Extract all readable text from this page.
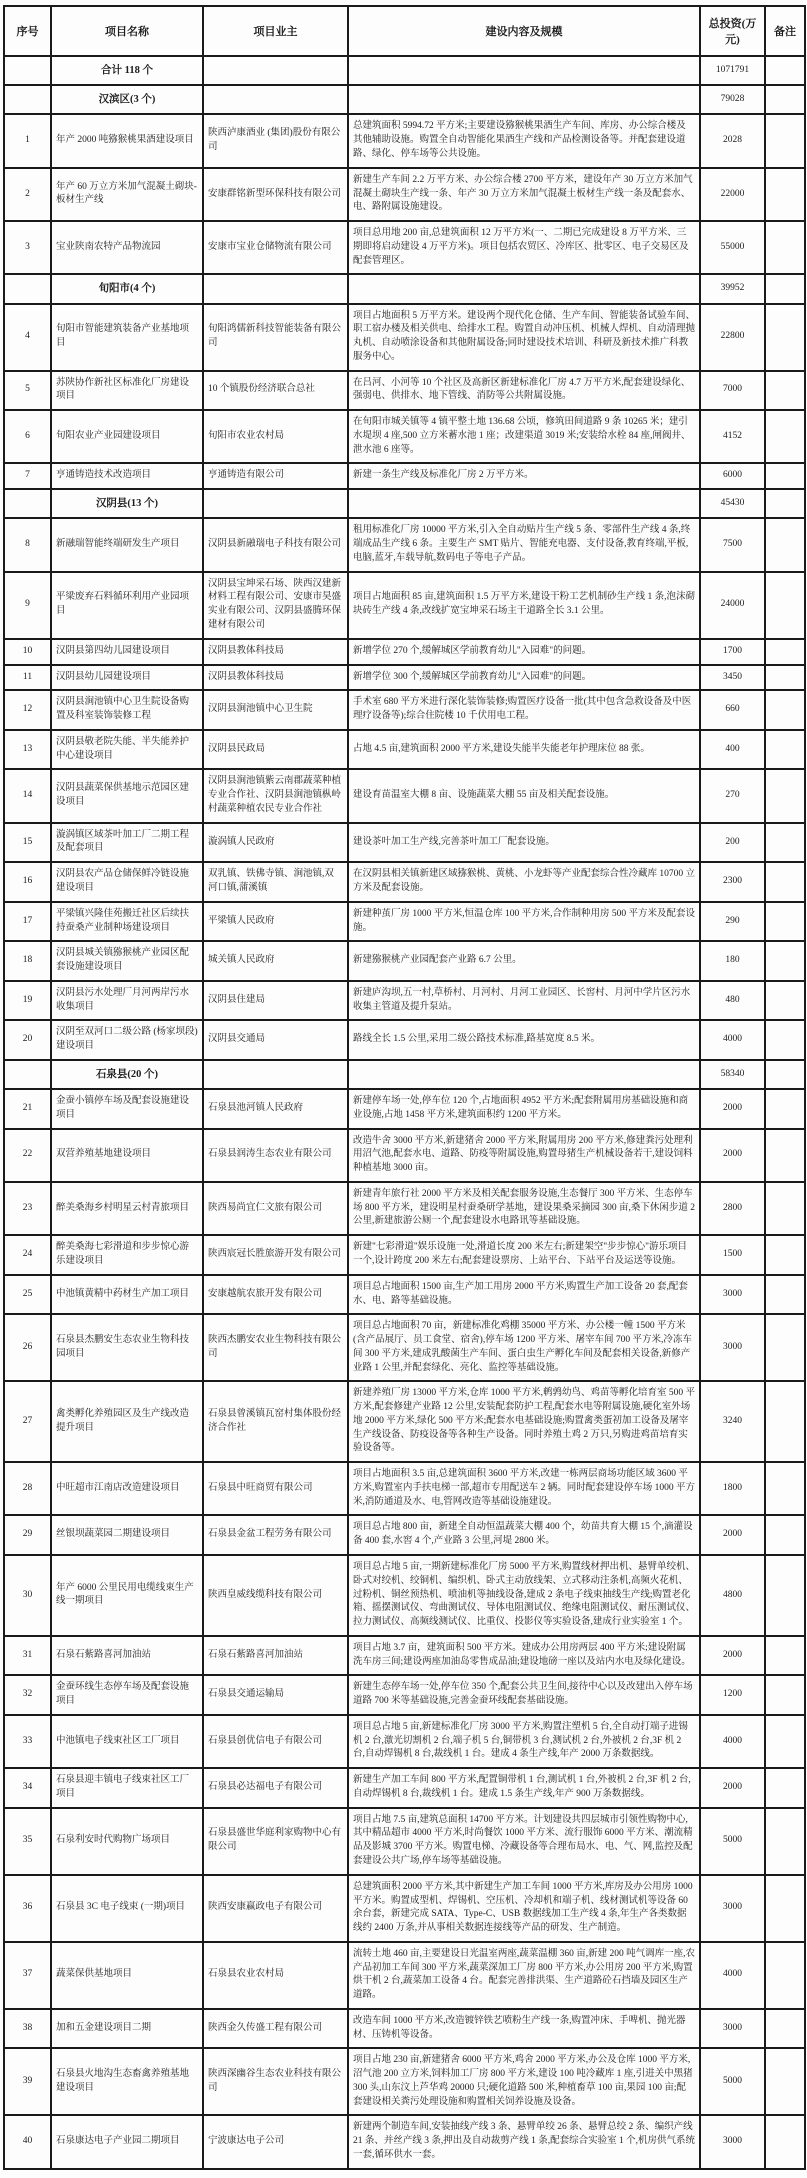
序号	项目名称	项目业主	建设内容及规模	总投资(万元)	备注
	合计 118 个			1071791	
	汉滨区(3 个)			79028	
1	年产 2000 吨猕猴桃果酒建设项目	陕西泸康酒业 (集团)股份有限公司	总建筑面积 5994.72 平方米;主要建设猕猴桃果酒生产车间、库房、办公综合楼及其他辅助设施。购置全自动智能化果酒生产线和产品检测设备等。并配套建设道路、绿化、停车场等公共设施。	2028	
2	年产 60 万立方米加气混凝土砌块-板材生产线	安康群铭新型环保科技有限公司	新建生产车间 2.2 万平方米、办公综合楼 2700 平方米，建设年产 30 万立方米加气混凝土砌块生产线一条、年产 30 万立方米加气混凝土板材生产线一条及配套水、电、路附属设施建设。	22000	
3	宝业陕南农特产品物流园	安康市宝业仓储物流有限公司	项目总用地 200 亩,总建筑面积 12 万平方米(一、二期已完成建设 8 万平方米、三期即将启动建设 4 万平方米)。项目包括农贸区、冷库区、批零区、电子交易区及配套管理区。	55000	
	旬阳市(4 个)			39952	
4	旬阳市智能建筑装备产业基地项目	旬阳鸿儒新科技智能装备有限公司	项目占地面积 5 万平方米。建设两个现代化仓储、生产车间、智能装备试验车间、职工宿办楼及相关供电、给排水工程。购置自动冲压机、机械人焊机、自动清理抛丸机、自动喷涂设备和其他附属设备;同时建设技术培训、科研及新技术推广科教服务中心。	22800	
5	苏陕协作新社区标准化厂房建设项目	10 个镇股份经济联合总社	在吕河、小河等 10 个社区及高新区新建标准化厂房 4.7 万平方米,配套建设绿化、强弱电、供排水、地下管线、消防等公共附属设施。	7000	
6	旬阳农业产业园建设项目	旬阳市农业农村局	在旬阳市城关镇等 4 镇平整土地 136.68 公顷，修筑田间道路 9 条 10265 米；建引水堤坝 4 座,500 立方米蓄水池 1 座；改建渠道 3019 米;安装给水栓 84 座,闸阀井、泄水池 6 座等。	4152	
7	亨通铸造技术改造项目	亨通铸造有限公司	新建一条生产线及标准化厂房 2 万平方米。	6000	
	汉阴县(13 个)			45430	
8	新融瑞智能终端研发生产项目	汉阴县新融瑞电子科技有限公司	租用标准化厂房 10000 平方米,引入全自动贴片生产线 5 条、零部件生产线 4 条,终端成品生产线 6 条。主要生产 SMT 贴片、智能充电器、支付设备,教育终端,平板,电脑,蓝牙,车载导航,数码电子等电子产品。	7500	
9	平梁废弃石料循环利用产业园项目	汉阴县宝坤采石场、陕西汉建新材料工程有限公司、安康市昊盛实业有限公司、汉阴县盛腾环保建材有限公司	项目占地面积 85 亩,建筑面积 1.5 万平方米,建设干粉工艺机制砂生产线 1 条,泡沫砌块砖生产线 4 条,改线扩宽宝坤采石场主干道路全长 3.1 公里。	24000	
10	汉阴县第四幼儿园建设项目	汉阴县教体科技局	新增学位 270 个,缓解城区学前教育幼儿"入园难"的问题。	1700	
11	汉阴县幼儿园建设项目	汉阴县教体科技局	新增学位 300 个,缓解城区学前教育幼儿"入园难"的问题。	3450	
12	汉阴县涧池镇中心卫生院设备购置及科室装饰装修工程	汉阴县涧池镇中心卫生院	手术室 680 平方米进行深化装饰装修;购置医疗设备一批(其中包含急救设备及中医理疗设备等);综合住院楼 10 千伏用电工程。	660	
13	汉阴县敬老院失能、半失能养护中心建设项目	汉阴县民政局	占地 4.5 亩,建筑面积 2000 平方米,建设失能半失能老年护理床位 88 张。	400	
14	汉阴县蔬菜保供基地示范园区建设项目	汉阴县涧池镇紫云南郡蔬菜种植专业合作社、汉阴县涧池镇枞岭村蔬菜种植农民专业合作社	建设育苗温室大棚 8 亩、设施蔬菜大棚 55 亩及相关配套设施。	270	
15	漩涡镇区域茶叶加工厂二期工程及配套项目	漩涡镇人民政府	建设茶叶加工生产线,完善茶叶加工厂配套设施。	200	
16	汉阴县农产品仓储保鲜冷链设施建设项目	双乳镇、铁佛寺镇、涧池镇,双河口镇,蒲溪镇	在汉阴县相关镇新建区域猕猴桃、黄桃、小龙虾等产业配套综合性冷藏库 10700 立方米及配套设施。	2300	
17	平梁镇兴隆佳苑搬迁社区后续扶持蚕桑产业制种场建设项目	平梁镇人民政府	新建种茧厂房 1000 平方米,恒温仓库 100 平方米,合作制种用房 500 平方米及配套设施。	290	
18	汉阴县城关镇猕猴桃产业园区配套设施建设项目	城关镇人民政府	新建猕猴桃产业园配套产业路 6.7 公里。	180	
19	汉阴县污水处理厂月河两岸污水收集项目	汉阴县住建局	新建庐沟坝,五一村,草桥村、月河村、月河工业园区、长窖村、月河中学片区污水收集主管道及提升泵站。	480	
20	汉阴至双河口二级公路 (杨家坝段)建设项目	汉阴县交通局	路线全长 1.5 公里,采用二级公路技术标准,路基宽度 8.5 米。	4000	
	石泉县(20 个)			58340	
21	金蚕小镇停车场及配套设施建设项目	石泉县池河镇人民政府	新建停车场一处,停车位 120 个,占地面积 4952 平方米;配套附属用房基础设施和商业设施,占地 1458 平方米,建筑面积约 1200 平方米。	2000	
22	双营养殖基地建设项目	石泉县润涛生态农业有限公司	改造牛舍 3000 平方米,新建猪舍 2000 平方米,附属用房 200 平方米,修建粪污处理利用沼气池,配套水电、道路、防疫等附属设施,购置母猪生产机械设备若干,建设饲料种植基地 3000 亩。	2000	
23	醉美桑海乡村明星云村青旅项目	陕西易尚宜仁文旅有限公司	新建青年旅行社 2000 平方米及相关配套服务设施,生态餐厅 300 平方米、生态停车场 800 平方米，建设明星村蚕桑研学基地，建设果桑采摘园 300 亩,桑下休闲步道 2 公里,新建旅游公厕一个,配套建设水电路讯等基础设施。	2800	
24	醉美桑海七彩滑道和步步惊心游乐建设项目	陕西宸冠长胜旅游开发有限公司	新建"七彩滑道"娱乐设施一处,滑道长度 200 米左右;新建架空"步步惊心"游乐项目一个,设计跨度 200 米左右;配套建设票房、上站平台、下站平台及运送等设施。	1500	
25	中池镇黄精中药材生产加工项目	安康越航农旅开发有限公司	项目总占地面积 1500 亩,生产加工用房 2000 平方米,购置生产加工设备 20 套,配套水、电、路等基础设施。	3000	
26	石泉县杰鹏安生态农业生物科技园项目	陕西杰鹏安农业生物科技有限公司	项目总占地面积 70 亩，新建标准化鸡棚 35000 平方米、办公楼一幢 1500 平方米(含产品展厅、员工食堂、宿舍),停车场 1200 平方米、屠宰车间 700 平方米,冷冻车间 300 平方米,建成乳酸菌生产车间、蛋白虫生产孵化车间及配套相关设备,新修产业路 1 公里,并配套绿化、亮化、监控等基础设施。	3000	
27	禽类孵化养殖园区及生产线改造提升项目	石泉县曾溪镇瓦窑村集体股份经济合作社	新建养殖厂房 13000 平方米,仓库 1000 平方米,鹌鹑幼鸟、鸡苗等孵化培育室 500 平方米,配套修建产业路 12 公里,安装配套防护工程,配套水电等附属设施,硬化室外场地 2000 平方米,绿化 500 平方米;配套水电基础设施;购置禽类蛋初加工设备及屠宰生产线设备、防疫设备等各种生产设备。同时养殖土鸡 2 万只,另购进鸡苗培育实验设备等。	3240	
28	中旺超市江南店改造建设项目	石泉县中旺商贸有限公司	项目占地面积 3.5 亩,总建筑面积 3600 平方米,改建一栋两层商场功能区域 3600 平方米,购置室内手扶电梯一部,超市专用配送车 2 辆。同时配套建设停车场 1000 平方米,消防通道及水、电,管网改造等基础设施建设。	1800	
29	丝银坝蔬菜园二期建设项目	石泉县金盆工程劳务有限公司	项目总占地 800 亩，新建全自动恒温蔬菜大棚 400 个，幼苗共育大棚 15 个,滴灌设备 400 套,水窖 4 个,产业路 3 公里,河堤 2800 米。	2000	
30	年产 6000 公里民用电缆线束生产线一期项目	陕西皇威线缆科技有限公司	项目总占地 5 亩,一期新建标准化厂房 5000 平方米,购置线材押出机、悬臂单绞机、卧式对绞机、绞铜机、编织机、卧式主动放线架、立式移动注条机,高频火花机、过粉机、铜丝预热机、喷油机等抽线设备,建成 2 条电子线束抽线生产线;购置老化箱、摇摆测试仪、弯曲测试仪、导体电阻测试仪、绝缘电阻测试仪、耐压测试仪、拉力测试仪、高频线测试仪、比重仪、投影仪等实验设备,建成行业实验室 1 个。	4800	
31	石泉石紫路喜河加油站	石泉石紫路喜河加油站	项目占地 3.7 亩，建筑面积 500 平方米。建成办公用房两层 400 平方米;建设附属洗车房三间;建设两座加油岛零售成品油;建设地磅一座以及站内水电及绿化建设。	2000	
32	金蚕环线生态停车场及配套设施项目	石泉县交通运输局	新建生态停车场一处,停车位 350 个,配套公共卫生间,接待中心以及改建出入停车场道路 700 米等基础设施,完善金蚕环线配套基础设施。	1200	
33	中池镇电子线束社区工厂项目	石泉县创优信电子有限公司	项目总占地 5 亩,新建标准化厂房 3000 平方米,购置注塑机 5 台,全自动打端子进锡机 2 台,激光切割机 2 台,端子机 5 台,铜带机 3 台,测试机 2 台,外被机 2 台,3F 机 2 台,自动焊锡机 8 台,裁线机 1 台。建成 4 条生产线,年产 2000 万条数据线。	4000	
34	石泉县迎丰镇电子线束社区工厂项目	石泉县必达福电子有限公司	新建生产加工车间 800 平方米,配置铜带机 1 台,测试机 1 台,外被机 2 台,3F 机 2 台,自动焊锡机 8 台,裁线机 1 台。建成 1.5 条生产线,年产 900 万条数据线。	2000	
35	石泉利安时代购物广场项目	石泉县盛世华庭利家购物中心有限公司	项目占地 7.5 亩,建筑总面积 14700 平方米。计划建设共四层城市引领性购物中心,其中精品超市 4000 平方米,时尚餐饮 1000 平方米、流行服饰 6000 平方米、潮流精品及影城 3700 平方米。购置电梯、冷藏设备等合理布局水、电、气、网,监控及配套建设公共广场,停车场等基础设施。	5000	
36	石泉县 3C 电子线束 (一期)项目	陕西安康赢政电子有限公司	总建筑面积 2000 平方米,其中新建生产加工车间 1000 平方米,库房及办公用房 1000 平方米。购置成型机、焊锡机、空压机、冷却机和端子机、线材测试机等设备 60 余台套，新建完成 SATA、Type-C、USB 数据线加工生产线 4 条,年生产各类数据线约 2400 万条,并从事相关数据连接线等产品的研发、生产制造。	3000	
37	蔬菜保供基地项目	石泉县农业农村局	流转土地 460 亩,主要建设日光温室两座,蔬菜温棚 360 亩,新建 200 吨气调库一座,农产品初加工车间 300 平方米,蔬菜深加工厂房 800 平方米,办公用房 200 平方米,购置烘干机 2 台,蔬菜加工设备 4 台。配套完善排洪渠、生产道路砼石挡墙及园区生产道路。	4000	
38	加和五金建设项目二期	陕西金久传盛工程有限公司	改造车间 1000 平方米,改造镀锌铁艺喷粉生产线一条,购置冲床、手啤机、抛光器材、压铸机等设备。	3000	
39	石泉县火地沟生态畜禽养殖基地建设项目	陕西深幽谷生态农业科技有限公司	项目占地 230 亩,新建猪舍 6000 平方米,鸡舍 2000 平方米,办公及仓库 1000 平方米,沼气池 200 立方米,饲料加工厂房 800 平方米,建设 100 吨冷藏库 1 座,引进关中黑猪 300 头,山东汶上芦华鸡 20000 只;硬化道路 500 米,种植畜草 100 亩,果园 100 亩;配套建设相关粪污处理设施和购置相关饲养设施及设备。	5000	
40	石泉康达电子产业园二期项目	宁波康达电子公司	新建两个制造车间,安装抽线产线 3 条、悬臂单绞 26 条、悬臂总绞 2 条、编织产线 21 条、并丝产线 3 条,押出及自动裁剪产线 1 条,配套综合实验室 1 个,机房供气系统一套,循环供水一套。	3000	
